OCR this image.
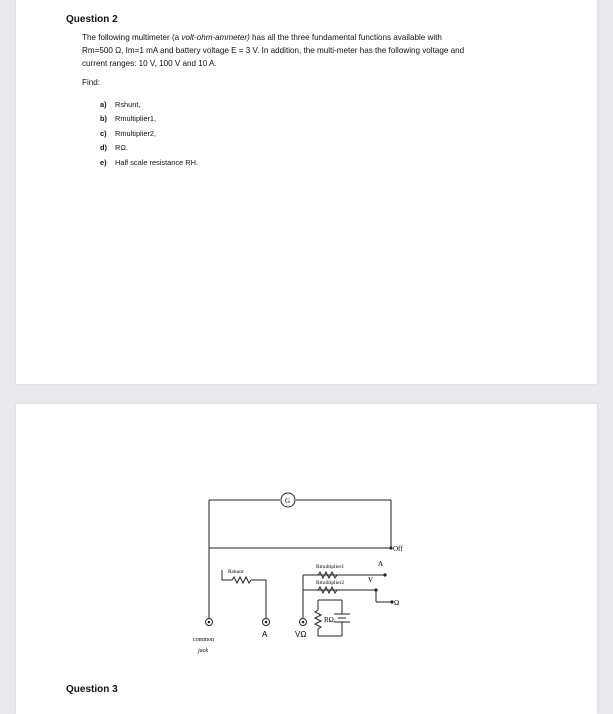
Question 2
The following multimeter (a volt-ohm-ammeter) has all the three fundamental functions available with
Rm=500 Ω, Im=1 mA and battery voltage E = 3 V. In addition, the multi-meter has the following voltage and
current ranges: 10 V, 100 V and 10 A.
Find:
a) Rshunt,
b) Rmultiplier1,
c) Rmultiplier2,
d) RΩ.
e) Half scale resistance RH.
G
Off
A
V
Ω
Rshunt
Rmultiplier1
Rmultiplier2
RΩ
common
jack
A	VΩ
Question 3
